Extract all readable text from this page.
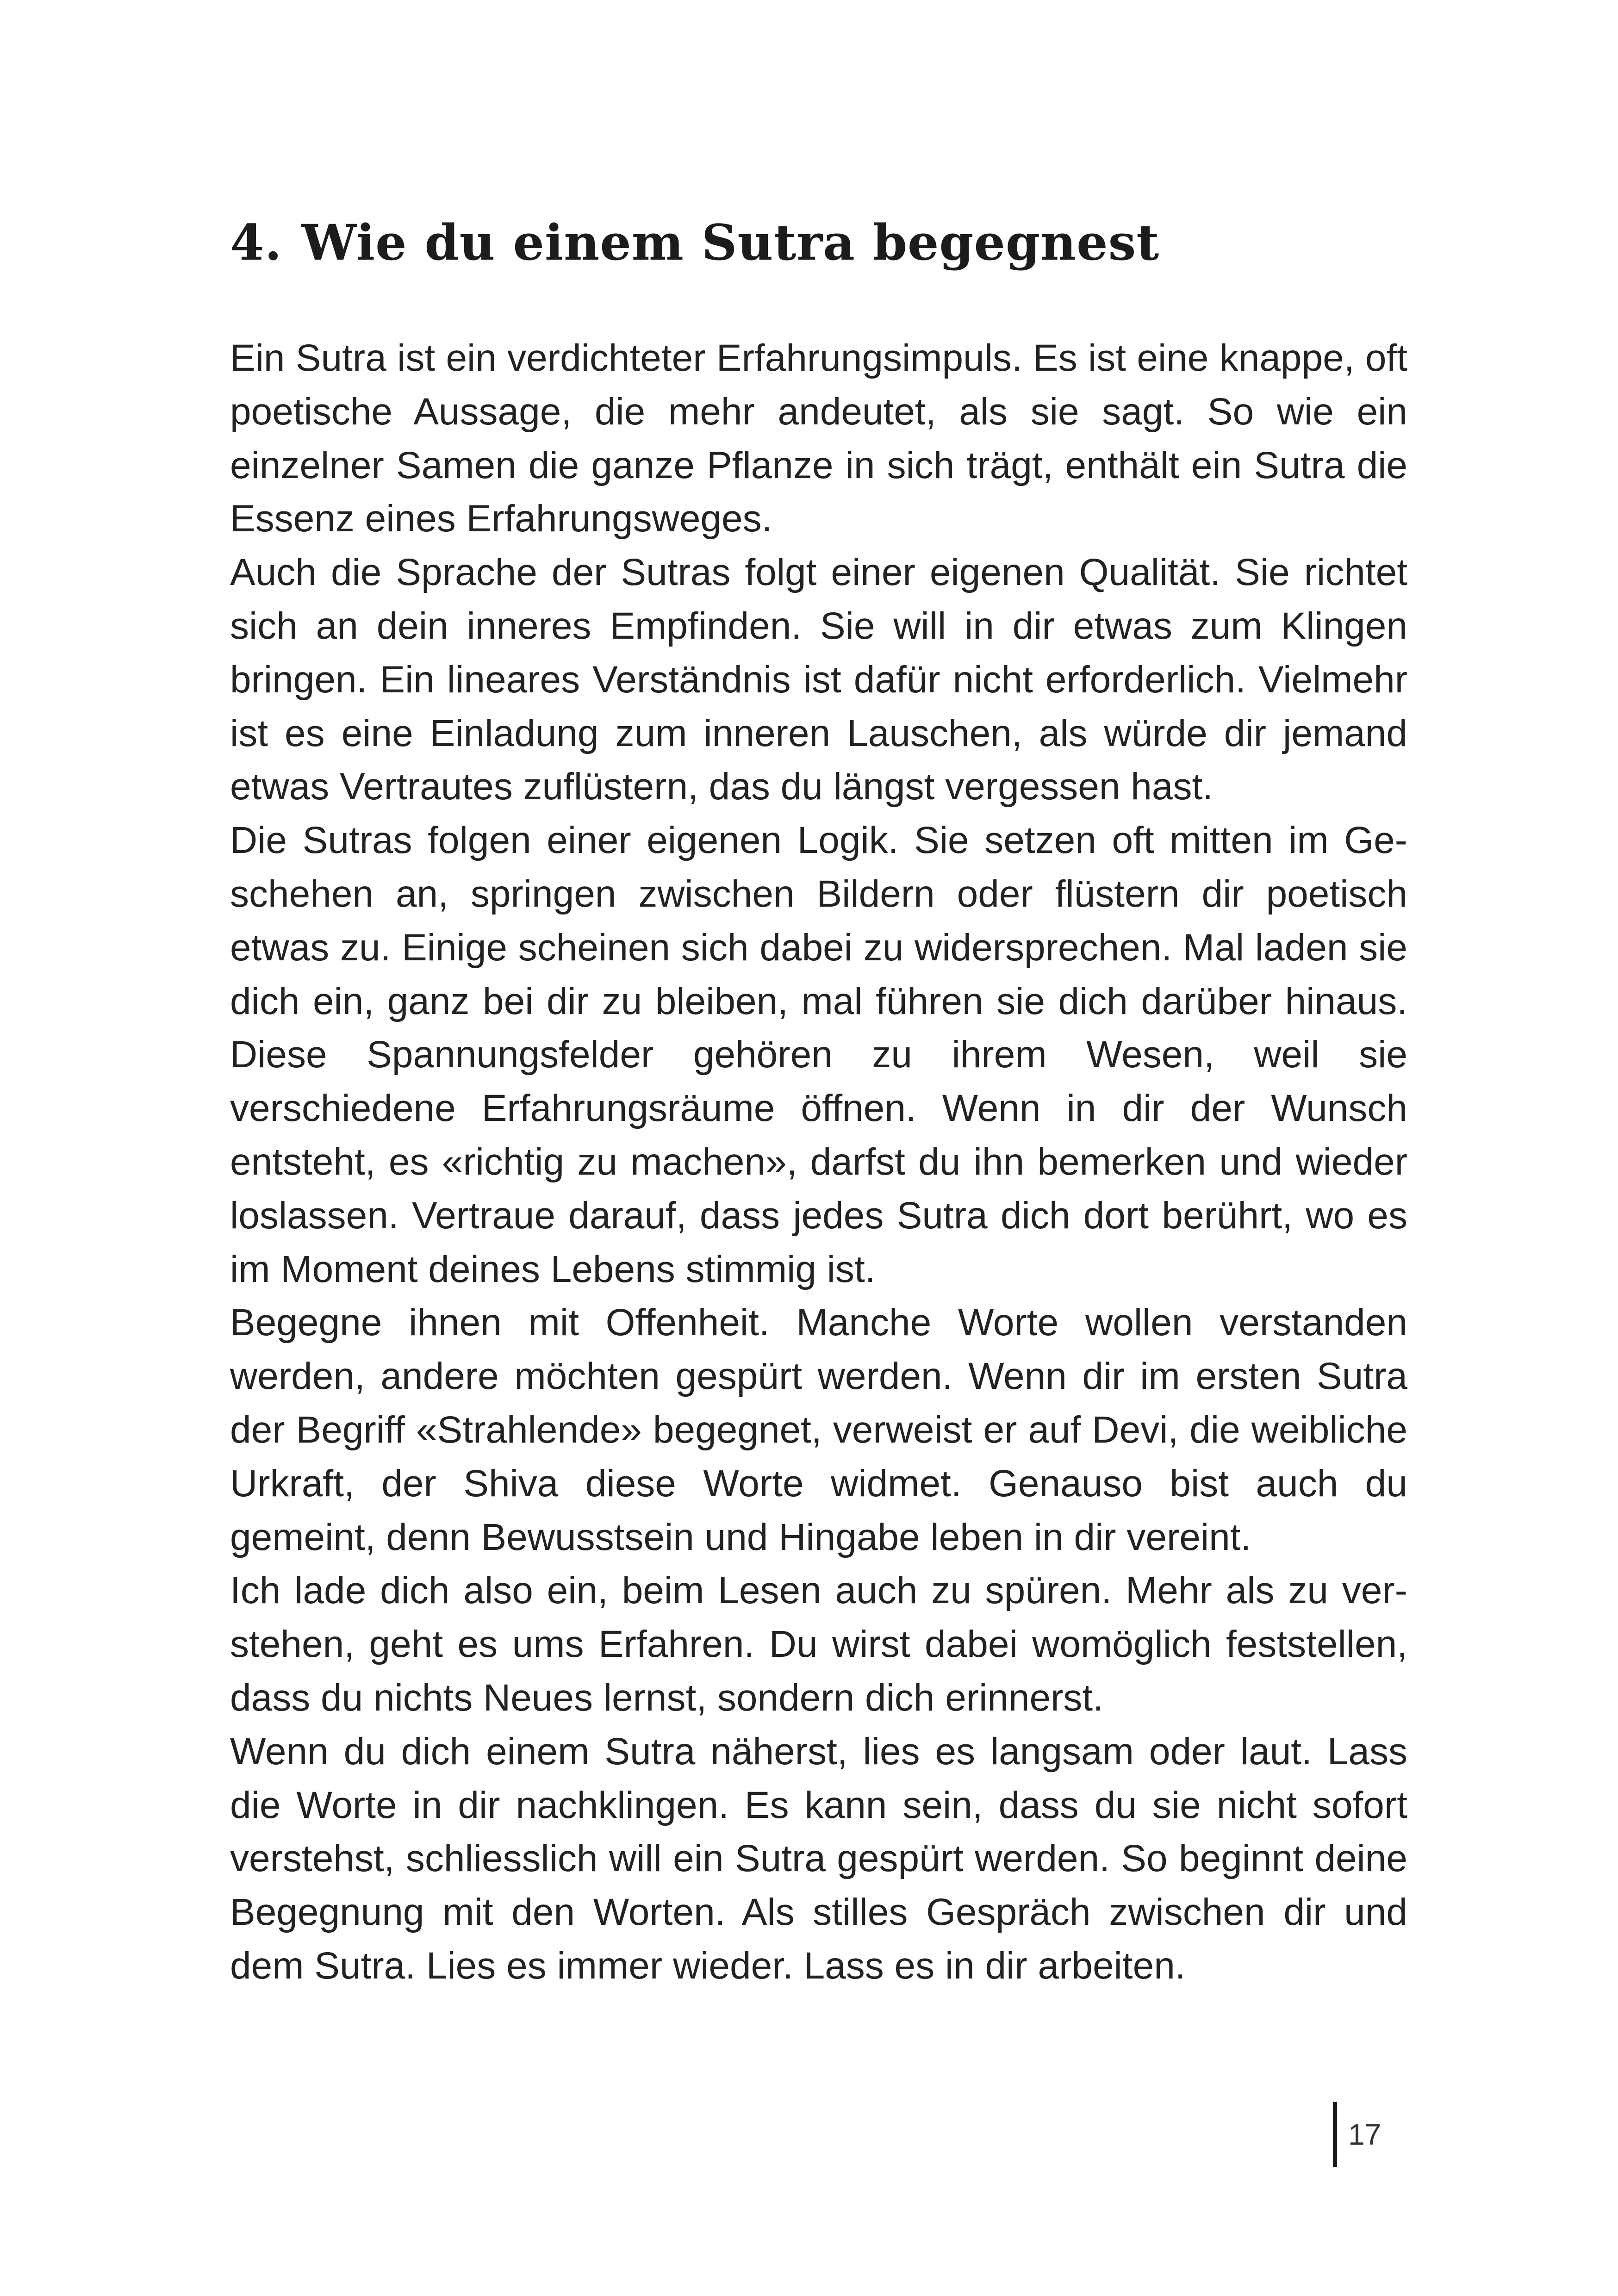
4. Wie du einem Sutra begegnest

Ein Sutra ist ein verdichteter Erfahrungsimpuls. Es ist eine knappe, oft poetische Aussage, die mehr andeutet, als sie sagt. So wie ein einzelner Samen die ganze Pflanze in sich trägt, enthält ein Sutra die Essenz eines Erfahrungsweges.

Auch die Sprache der Sutras folgt einer eigenen Qualität. Sie richtet sich an dein inneres Empfinden. Sie will in dir etwas zum Klingen bringen. Ein lineares Verständnis ist dafür nicht erforderlich. Vielmehr ist es eine Einladung zum inneren Lauschen, als würde dir jemand etwas Vertrautes zuflüstern, das du längst vergessen hast.

Die Sutras folgen einer eigenen Logik. Sie setzen oft mitten im Geschehen an, springen zwischen Bildern oder flüstern dir poetisch etwas zu. Einige scheinen sich dabei zu widersprechen. Mal laden sie dich ein, ganz bei dir zu bleiben, mal führen sie dich darüber hinaus. Diese Spannungsfelder gehören zu ihrem Wesen, weil sie verschiedene Erfahrungsräume öffnen. Wenn in dir der Wunsch entsteht, es «richtig zu machen», darfst du ihn bemerken und wieder loslassen. Vertraue darauf, dass jedes Sutra dich dort berührt, wo es im Moment deines Lebens stimmig ist.

Begegne ihnen mit Offenheit. Manche Worte wollen verstanden werden, andere möchten gespürt werden. Wenn dir im ersten Sutra der Begriff «Strahlende» begegnet, verweist er auf Devi, die weibliche Urkraft, der Shiva diese Worte widmet. Genauso bist auch du gemeint, denn Bewusstsein und Hingabe leben in dir vereint.

Ich lade dich also ein, beim Lesen auch zu spüren. Mehr als zu verstehen, geht es ums Erfahren. Du wirst dabei womöglich feststellen, dass du nichts Neues lernst, sondern dich erinnerst.

Wenn du dich einem Sutra näherst, lies es langsam oder laut. Lass die Worte in dir nachklingen. Es kann sein, dass du sie nicht sofort verstehst, schliesslich will ein Sutra gespürt werden. So beginnt deine Begegnung mit den Worten. Als stilles Gespräch zwischen dir und dem Sutra. Lies es immer wieder. Lass es in dir arbeiten.

17
